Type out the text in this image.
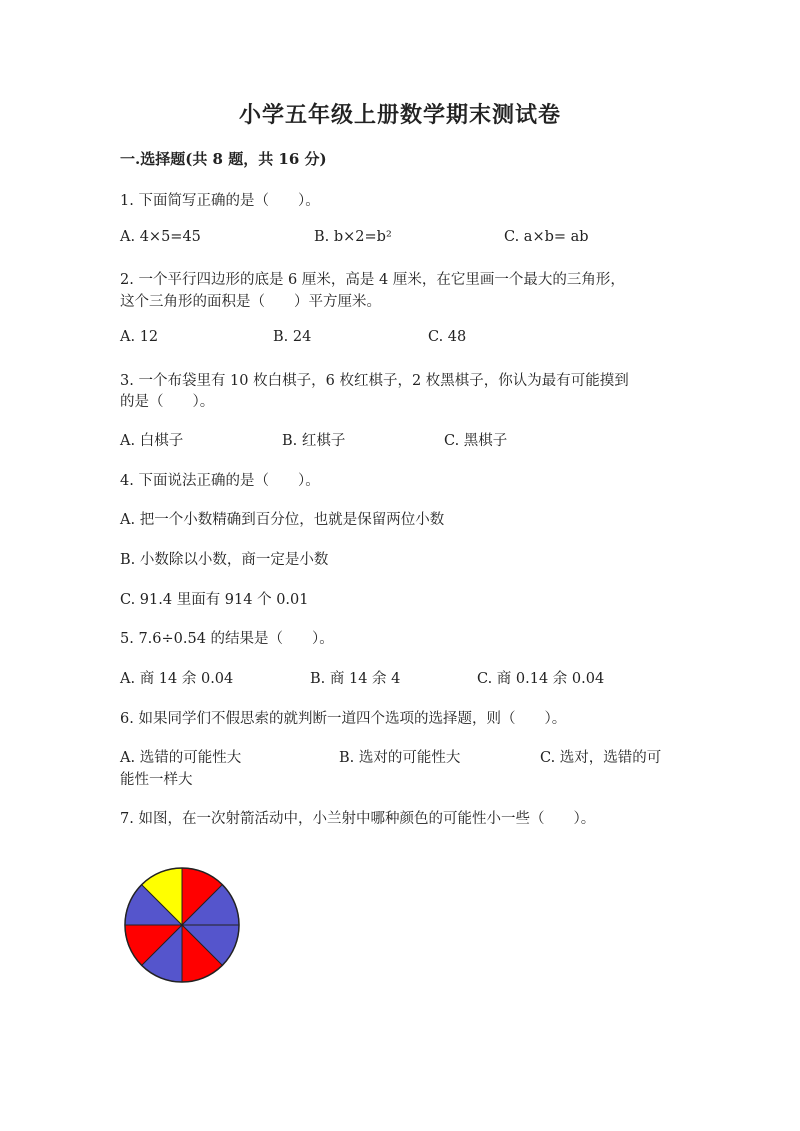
小学五年级上册数学期末测试卷
一.选择题(共 8 题，共 16 分)
1. 下面简写正确的是（　　）。
A. 4×5=45	B. b×2=b²	C. a×b= ab
2. 一个平行四边形的底是 6 厘米，高是 4 厘米，在它里画一个最大的三角形，
这个三角形的面积是（　　）平方厘米。
A. 12	B. 24	C. 48
3. 一个布袋里有 10 枚白棋子，6 枚红棋子，2 枚黑棋子，你认为最有可能摸到
的是（　　）。
A. 白棋子	B. 红棋子	C. 黑棋子
4. 下面说法正确的是（　　）。
A. 把一个小数精确到百分位，也就是保留两位小数
B. 小数除以小数，商一定是小数
C. 91.4 里面有 914 个 0.01
5. 7.6÷0.54 的结果是（　　）。
A. 商 14 余 0.04	B. 商 14 余 4	C. 商 0.14 余 0.04
6. 如果同学们不假思索的就判断一道四个选项的选择题，则（　　）。
A. 选错的可能性大	B. 选对的可能性大	C. 选对，选错的可
能性一样大
7. 如图，在一次射箭活动中，小兰射中哪种颜色的可能性小一些（　　）。
